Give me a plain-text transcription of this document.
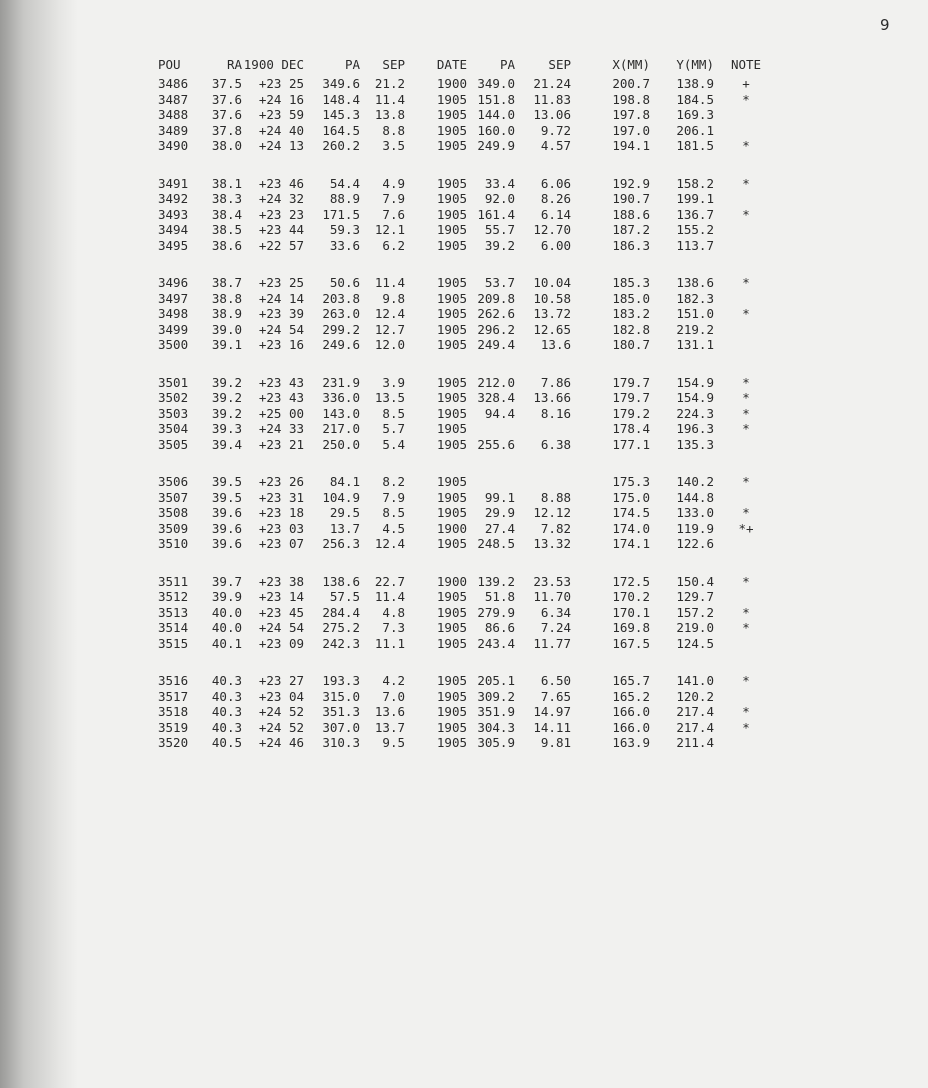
9
POU	RA	1900 DEC	PA	SEP	DATE	PA	SEP	X(MM)	Y(MM)	NOTE
3486	37.5	+23 25	349.6	21.2	1900	349.0	21.24	200.7	138.9	+
3487	37.6	+24 16	148.4	11.4	1905	151.8	11.83	198.8	184.5	*
3488	37.6	+23 59	145.3	13.8	1905	144.0	13.06	197.8	169.3	
3489	37.8	+24 40	164.5	8.8	1905	160.0	9.72	197.0	206.1	
3490	38.0	+24 13	260.2	3.5	1905	249.9	4.57	194.1	181.5	*

3491	38.1	+23 46	54.4	4.9	1905	33.4	6.06	192.9	158.2	*
3492	38.3	+24 32	88.9	7.9	1905	92.0	8.26	190.7	199.1	
3493	38.4	+23 23	171.5	7.6	1905	161.4	6.14	188.6	136.7	*
3494	38.5	+23 44	59.3	12.1	1905	55.7	12.70	187.2	155.2	
3495	38.6	+22 57	33.6	6.2	1905	39.2	6.00	186.3	113.7	

3496	38.7	+23 25	50.6	11.4	1905	53.7	10.04	185.3	138.6	*
3497	38.8	+24 14	203.8	9.8	1905	209.8	10.58	185.0	182.3	
3498	38.9	+23 39	263.0	12.4	1905	262.6	13.72	183.2	151.0	*
3499	39.0	+24 54	299.2	12.7	1905	296.2	12.65	182.8	219.2	
3500	39.1	+23 16	249.6	12.0	1905	249.4	13.6	180.7	131.1	

3501	39.2	+23 43	231.9	3.9	1905	212.0	7.86	179.7	154.9	*
3502	39.2	+23 43	336.0	13.5	1905	328.4	13.66	179.7	154.9	*
3503	39.2	+25 00	143.0	8.5	1905	94.4	8.16	179.2	224.3	*
3504	39.3	+24 33	217.0	5.7	1905			178.4	196.3	*
3505	39.4	+23 21	250.0	5.4	1905	255.6	6.38	177.1	135.3	

3506	39.5	+23 26	84.1	8.2	1905			175.3	140.2	*
3507	39.5	+23 31	104.9	7.9	1905	99.1	8.88	175.0	144.8	
3508	39.6	+23 18	29.5	8.5	1905	29.9	12.12	174.5	133.0	*
3509	39.6	+23 03	13.7	4.5	1900	27.4	7.82	174.0	119.9	*+
3510	39.6	+23 07	256.3	12.4	1905	248.5	13.32	174.1	122.6	

3511	39.7	+23 38	138.6	22.7	1900	139.2	23.53	172.5	150.4	*
3512	39.9	+23 14	57.5	11.4	1905	51.8	11.70	170.2	129.7	
3513	40.0	+23 45	284.4	4.8	1905	279.9	6.34	170.1	157.2	*
3514	40.0	+24 54	275.2	7.3	1905	86.6	7.24	169.8	219.0	*
3515	40.1	+23 09	242.3	11.1	1905	243.4	11.77	167.5	124.5	

3516	40.3	+23 27	193.3	4.2	1905	205.1	6.50	165.7	141.0	*
3517	40.3	+23 04	315.0	7.0	1905	309.2	7.65	165.2	120.2	
3518	40.3	+24 52	351.3	13.6	1905	351.9	14.97	166.0	217.4	*
3519	40.3	+24 52	307.0	13.7	1905	304.3	14.11	166.0	217.4	*
3520	40.5	+24 46	310.3	9.5	1905	305.9	9.81	163.9	211.4	
